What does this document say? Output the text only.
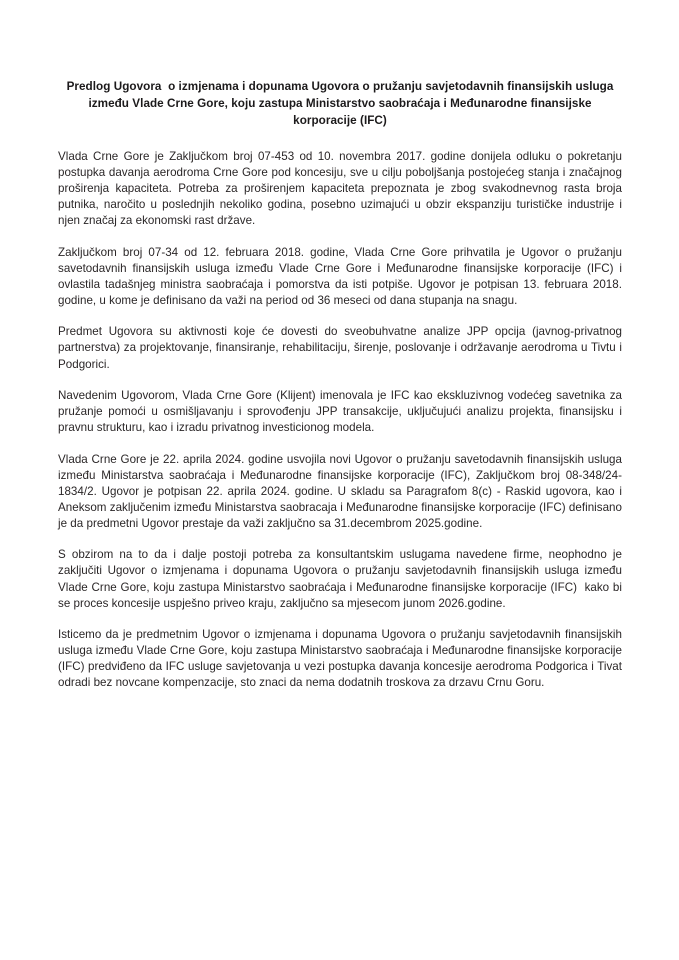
Predlog Ugovora  o izmjenama i dopunama Ugovora o pružanju savjetodavnih finansijskih usluga između Vlade Crne Gore, koju zastupa Ministarstvo saobraćaja i Međunarodne finansijske korporacije (IFC)

Vlada Crne Gore je Zaključkom broj 07-453 od 10. novembra 2017. godine donijela odluku o pokretanju postupka davanja aerodroma Crne Gore pod koncesiju, sve u cilju poboljšanja postojećeg stanja i značajnog proširenja kapaciteta. Potreba za proširenjem kapaciteta prepoznata je zbog svakodnevnog rasta broja putnika, naročito u poslednjih nekoliko godina, posebno uzimajući u obzir ekspanziju turističke industrije i njen značaj za ekonomski rast države.

Zaključkom broj 07-34 od 12. februara 2018. godine, Vlada Crne Gore prihvatila je Ugovor o pružanju savetodavnih finansijskih usluga između Vlade Crne Gore i Međunarodne finansijske korporacije (IFC) i ovlastila tadašnjeg ministra saobraćaja i pomorstva da isti potpiše. Ugovor je potpisan 13. februara 2018. godine, u kome je definisano da važi na period od 36 meseci od dana stupanja na snagu.

Predmet Ugovora su aktivnosti koje će dovesti do sveobuhvatne analize JPP opcija (javnog-privatnog partnerstva) za projektovanje, finansiranje, rehabilitaciju, širenje, poslovanje i održavanje aerodroma u Tivtu i Podgorici.

Navedenim Ugovorom, Vlada Crne Gore (Klijent) imenovala je IFC kao ekskluzivnog vodećeg savetnika za pružanje pomoći u osmišljavanju i sprovođenju JPP transakcije, uključujući analizu projekta, finansijsku i pravnu strukturu, kao i izradu privatnog investicionog modela.

Vlada Crne Gore je 22. aprila 2024. godine usvojila novi Ugovor o pružanju savetodavnih finansijskih usluga između Ministarstva saobraćaja i Međunarodne finansijske korporacije (IFC), Zaključkom broj 08-348/24-1834/2. Ugovor je potpisan 22. aprila 2024. godine. U skladu sa Paragrafom 8(c) - Raskid ugovora, kao i Aneksom zaključenim između Ministarstva saobracaja i Međunarodne finansijske korporacije (IFC) definisano je da predmetni Ugovor prestaje da važi zaključno sa 31.decembrom 2025.godine.

S obzirom na to da i dalje postoji potreba za konsultantskim uslugama navedene firme, neophodno je zaključiti Ugovor o izmjenama i dopunama Ugovora o pružanju savjetodavnih finansijskih usluga između Vlade Crne Gore, koju zastupa Ministarstvo saobraćaja i Međunarodne finansijske korporacije (IFC)  kako bi se proces koncesije uspješno priveo kraju, zaključno sa mjesecom junom 2026.godine.

Isticemo da je predmetnim Ugovor o izmjenama i dopunama Ugovora o pružanju savjetodavnih finansijskih usluga između Vlade Crne Gore, koju zastupa Ministarstvo saobraćaja i Međunarodne finansijske korporacije (IFC) predviđeno da IFC usluge savjetovanja u vezi postupka davanja koncesije aerodroma Podgorica i Tivat odradi bez novcane kompenzacije, sto znaci da nema dodatnih troskova za drzavu Crnu Goru.
